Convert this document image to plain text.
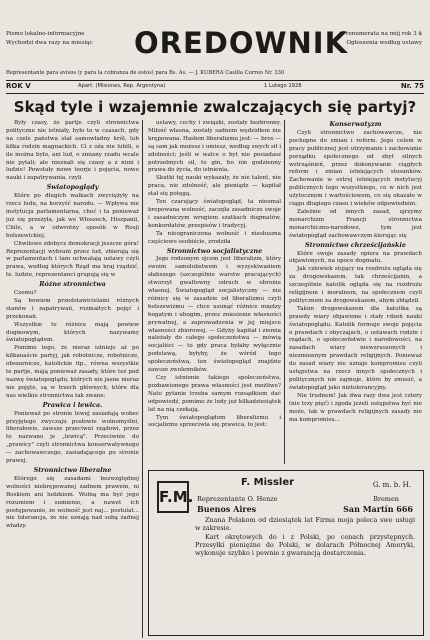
Pismo lokalno-informacyjne
Wychodzi dwa razy na miesiąc	OREDOWNIK
Prenumerata na mój rok 3 $
Ogłoszenia według ustawy
Representante para avisos (y para la cobranza de estos) para Bs. As. — J. KUBERA Casilla Correo Nr. 330
ROK V	Apart. (Misiones, Rep. Argentyna)	1 Lutego 1928	Nr. 75
Skąd tyle i wzajemnie zwalczających się partyj?

Były czasy, że partje czyli stronnictwa polityczne nie istniały, było to w czasach, gdy na czele państwa stał samowładny król, lub kilka rodzin magnackich. Ci z oźa nie lubili, o ile można było, ani lud, o zmiany rzadu wcale nie pytali; ale nieznali się czasy a z nimi i ludzie! Powstały nowe teorje i pojęcia, nowe nauki i zapatrywania, czyli

Światopoglądy

Które po długich walkach zwyciężyły na rzecz ludu, na korzyść narodu. — Wpływa nie instytucja parlamentarna, choć i ta ponieważ już się przeżyła, jak we Włoszech, Hiszpanii, Chile, a w odwrotny sposób w Rosji bolszewickiej.

Chwilowo zdobycz demokracji jeszcze góra! Reprezentacji wybrani przez lud, zbierają się w parlamentach i tam uchwalają ustawy czyli prawa, według których Rząd ma kraj rządzić, te. ludzie, reprezentanci grupują się w

Różne stronnictwa

Czemu?

Są bowiem przedstawicielami różnych stanów i zapatrywań, rozmaitych pojęć i przekonań.

Wszystkie te różnice mają powiew dogmowym, których nazywamy światopoglądem.

Pomimo tego, że nieraz istnieje aż po kilkanaście partyj, jak robotnicze, robotnicze, obszarnicze, katolickie itp., równa wszystkie te partje, mają ponieważ zasady, które też pod nazwę światopoglądu, których nie jasne nieraz nie pojęte, są w trzech głównych, które dla nas wielkie stronnictwa tak zwane:

Prawica i lewica.

Ponieważ po stronie lewej zasiadają wobec przyjętego zwyczaju posłowie wolnomyślni, liberałowie, zawsze przeciwni rządowi, przez to nazwano je „lewicą". Przeciwnie do „prawicy" czyli stronnictwa konserwatywnego — zachowawczego, zasiadającego po stronie prawej.

Stronnictwo liberalne

Którego się zasadami bezwzględnej wolności niekrępowanej żadnem prawem, ni Boskiem ani ludzkiem. Wolną ma być jego rozumiem i sumienie, a nawet ich postępowanie, że wolność jest naj... postulat... nie tolerancja, że nie uznają nad sobą żadnej władzy.

ustawy, cechy i związki, zostały bezbronny. Miłość własna, zostały sadnem wędzidłem nie krępowana. Hasłem liberalizmu jest: — bros — są sam jak możesz i umiesz, według swych sił i zdolności; jeśli w walce o byt nie posiadasz potrzebnych sił, to gin, bo nie godzienny prawa do życia, do istnienia.

Skutki tej nauki wykazały, że nie talent, nie praca, nie zdolność, ale pieniądz — kapitał stał się potęgą.

Ten czarujący światopogląd, ta nieomal krepowana wolność, zaczęła zasadniczo swoje i zasadniczym wrogiem szatkach dogmatów, konkordatów, przepisów i tradycyj.

Ta nieograniczona wolność i niesłuszna częściowo osobiście, zrodziła

Stronnictwo socjalistyczne

Jego rodzonym ojcem jest liberalizm, który swoim samolubstwem i wyzyskiwaniem słabszego (szczególnie warstw pracujących) stworzył gwałtowny odruch w obronie własnej. Światopogląd socjalistyczny — nie różnicy się w zasadzie od liberalizmu czyli bolszewizmu — chce usunąć różnice między bogatym i ubogim, przez zniesienie własności prywatnej, a zaprowadzenia w jej miejsce własności zbiorowej. — Gdyby kapitał i ziemia należały do całego społeczeństwa — mówią socjaliści — to gdy praca byłaby wyłącznie podstawą, byłyby, że wśród tego społeczeństwa, ten światopogląd znajdzie zawsze zwolenników.

Czy istnienie takiego społeczeństwa, pozbawionego prawa własności jest możliwe? Nato pytanie trzeba samym rozsądkiem dać odpowiedź, pomimo że ludy już kilkadziesiątek lat na nią czekają.

Tym światopoglądom liberalizmu i socjalizmu sprzeciwia się prawica, to jest:

Konserwatyzm

Czyli stronnictwo zachowawcze, nie pochopne do zmian i reform. Jego celem w pracy publicznej jest utrzymanie i zachowanie porządku społecznego od zbyt silnych wstrząśnień, przez dokonywanie ciągłych reform i zmian istniejących stosunków. Zachowanie w ostrej istniejących instytucyj publicznych tego wszystkiego, co w nich jest użytecznem i wartościowem, co się okazało w ciągu długiego czasu i wieków odpowiednim.

Zależnie od innych zasad, ujrzymy monarchizm Francji stronnictwa monarchiczno-narodowe, tym jest światopogląd zachowawczym kierując się

Stronnictwo chrześcijańskie

Które swoje zasady opiera na prawdach objawionych, na opoce dogmatu.

Jak człowiek stojący na rozdrożu ogląda się za drogowskazem, tak chrześcijanin, a szczególnie katolik ogląda się na rozdrożu religijnem i moralnem, na społecznem czyli politycznem za drogowskazem, abym zbłądził.

Takim drogowskazem dla katolika są prawdy wiary objawione i stały rdzeń nauki światopoglądu. Katolik formuje swoje pojęcia o prawdach i obyczajach, o ustawach rodzin i rządach, o społeczeństwie i narodowości, na zasadach wiary niewzruszonych i niezmiennym prawdach religijnych. Ponieważ do zasad wiary nie uznaje kompromisu czyli ustępstwa na rzecz innych społecznych i politycznych nie zajmuje, które by zmusić, a światopogląd jako nietolerancyjny.

Nie trudnem! Jak dwa razy dwa jest cztery (nie trzy pięć) i zgoda jeżeli ustępstwa być nie może, tak w prawdach religijnych zasady nie ma kompromisu...

F.M.
F. Missler	G. m. b. H.
Reprezentante O. Henze	Bremen
Buenos Aires	San Martín 666

Znana Polakom od dziesiątek lat Firma moja poleca swe usługi w zakresie.

Kart okrętowych do i z Polski, po cenach przystępnych. Przesyłki pieniężne do Polski, w dolarach Północnej Ameryki, wykonuje szybko i pewnie z gwarancją dostarczenia.
